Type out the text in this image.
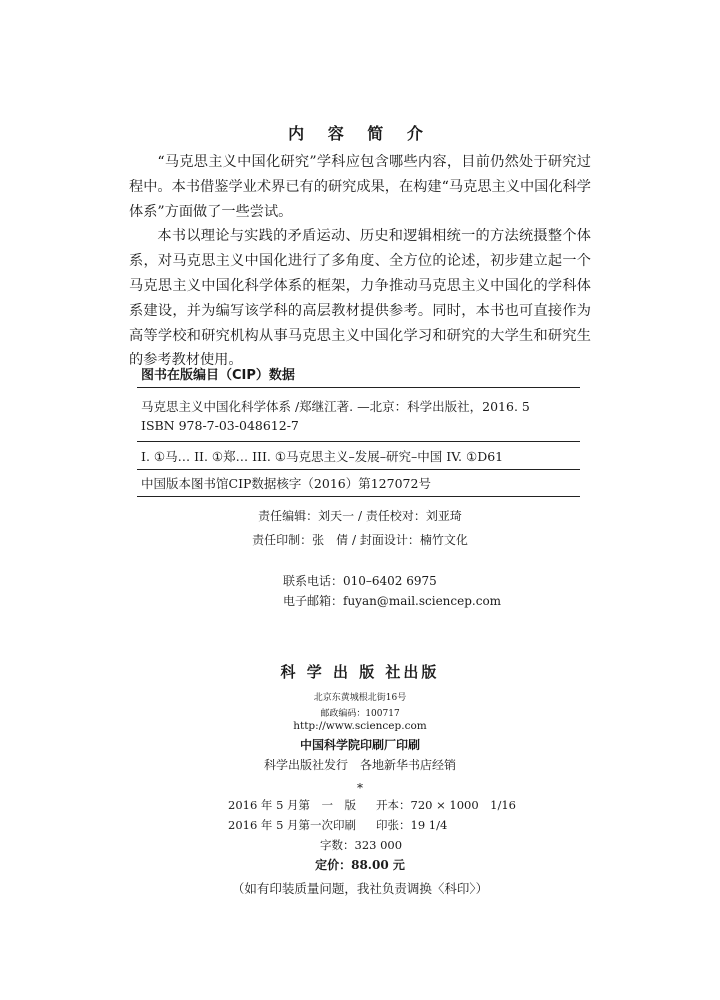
内 容 简 介

“马克思主义中国化研究”学科应包含哪些内容，目前仍然处于研究过程中。本书借鉴学业术界已有的研究成果，在构建“马克思主义中国化科学体系”方面做了一些尝试。

本书以理论与实践的矛盾运动、历史和逻辑相统一的方法统摄整个体系，对马克思主义中国化进行了多角度、全方位的论述，初步建立起一个马克思主义中国化科学体系的框架，力争推动马克思主义中国化的学科体系建设，并为编写该学科的高层教材提供参考。同时，本书也可直接作为高等学校和研究机构从事马克思主义中国化学习和研究的大学生和研究生的参考教材使用。

图书在版编目（CIP）数据
马克思主义中国化科学体系 /郑继江著. —北京：科学出版社，2016. 5
ISBN 978-7-03-048612-7
I. ①马… II. ①郑… III. ①马克思主义–发展–研究–中国 IV. ①D61
中国版本图书馆CIP数据核字（2016）第127072号
责任编辑：刘天一 / 责任校对：刘亚琦
责任印制：张　倩 / 封面设计：楠竹文化
联系电话：010–6402 6975
电子邮箱：fuyan@mail.sciencep.com
科 学 出 版 社出版
北京东黄城根北街16号
邮政编码：100717
http://www.sciencep.com
中国科学院印刷厂印刷
科学出版社发行　各地新华书店经销
*
2016 年 5 月第　一　版 开本：720 × 1000　1/16
2016 年 5 月第一次印刷 印张：19 1/4
字数：323 000
定价：88.00 元
（如有印装质量问题，我社负责调换〈科印〉）
